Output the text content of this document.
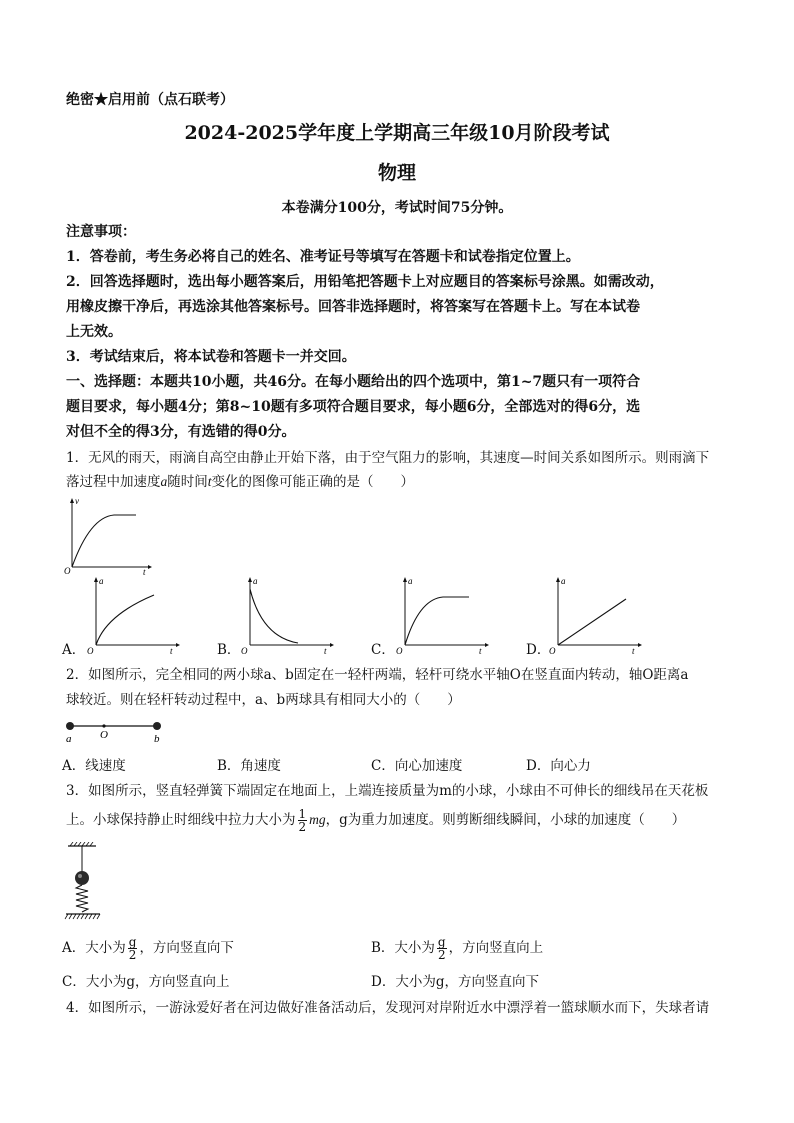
绝密★启用前（点石联考）
2024-2025学年度上学期高三年级10月阶段考试
物理
本卷满分100分，考试时间75分钟。
注意事项：
1．答卷前，考生务必将自己的姓名、准考证号等填写在答题卡和试卷指定位置上。
2．回答选择题时，选出每小题答案后，用铅笔把答题卡上对应题目的答案标号涂黑。如需改动，
用橡皮擦干净后，再选涂其他答案标号。回答非选择题时，将答案写在答题卡上。写在本试卷
上无效。
3．考试结束后，将本试卷和答题卡一并交回。
一、选择题：本题共10小题，共46分。在每小题给出的四个选项中，第1~7题只有一项符合
题目要求，每小题4分；第8~10题有多项符合题目要求，每小题6分，全部选对的得6分，选
对但不全的得3分，有选错的得0分。
1．无风的雨天，雨滴自高空由静止开始下落，由于空气阻力的影响，其速度—时间关系如图所示。则雨滴下
落过程中加速度a随时间t变化的图像可能正确的是（　　）
v
t
O
A．
a
t
O	B．
a
t
O	C．
a
t
O	D．
a
t
O
2．如图所示，完全相同的两小球a、b固定在一轻杆两端，轻杆可绕水平轴O在竖直面内转动，轴O距离a
球较近。则在轻杆转动过程中，a、b两球具有相同大小的（　　）
a	O	b
A．线速度	B．角速度	C．向心加速度	D．向心力
3．如图所示，竖直轻弹簧下端固定在地面上，上端连接质量为m的小球，小球由不可伸长的细线吊在天花板
上。小球保持静止时细线中拉力大小为 $\frac{1}{2}$ mg，g为重力加速度。则剪断细线瞬间，小球的加速度（　　）
A．大小为 $\frac{g}{2}$ ，方向竖直向下	B．大小为 $\frac{g}{2}$ ，方向竖直向上
C．大小为g，方向竖直向上	D．大小为g，方向竖直向下
4．如图所示，一游泳爱好者在河边做好准备活动后，发现河对岸附近水中漂浮着一篮球顺水而下，失球者请
